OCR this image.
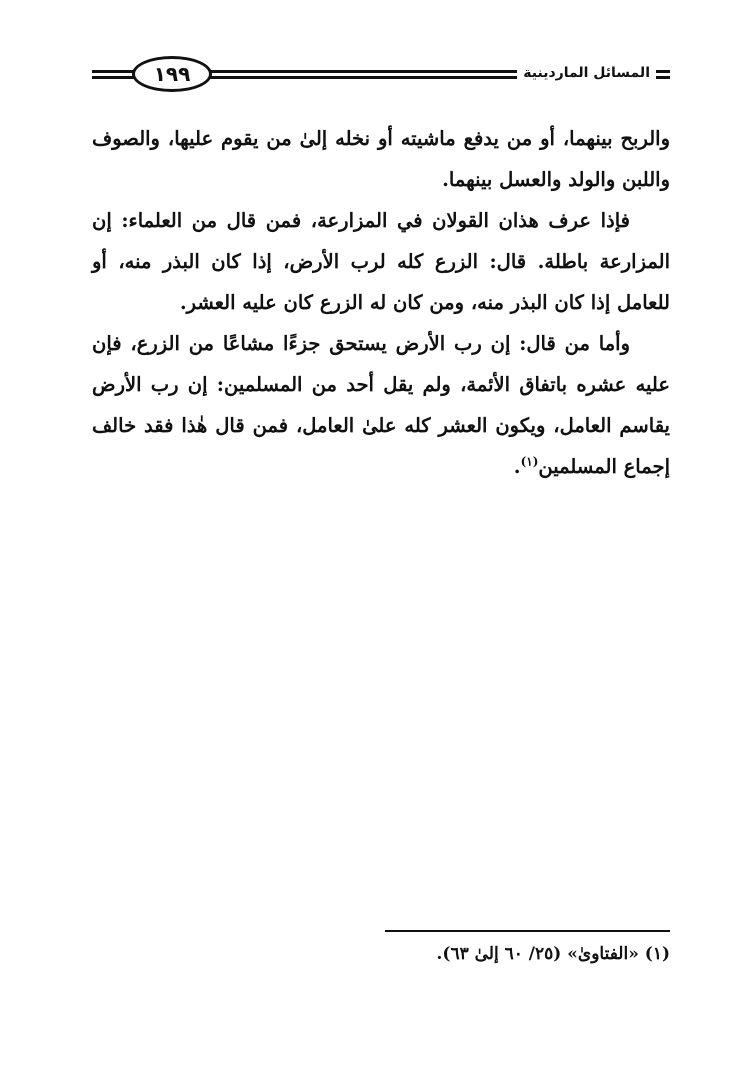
١٩٩	المسائل الماردينية

والربح بينهما، أو من يدفع ماشيته أو نخله إلىٰ من يقوم عليها، والصوف واللبن والولد والعسل بينهما.

فإذا عرف هذان القولان في المزارعة، فمن قال من العلماء: إن المزارعة باطلة. قال: الزرع كله لرب الأرض، إذا كان البذر منه، أو للعامل إذا كان البذر منه، ومن كان له الزرع كان عليه العشر.

وأما من قال: إن رب الأرض يستحق جزءًا مشاعًا من الزرع، فإن عليه عشره باتفاق الأئمة، ولم يقل أحد من المسلمين: إن رب الأرض يقاسم العامل، ويكون العشر كله علىٰ العامل، فمن قال هٰذا فقد خالف إجماع المسلمين$^{(١)}$.

(١) «الفتاوىٰ» (٢٥/ ٦٠ إلىٰ ٦٣).
